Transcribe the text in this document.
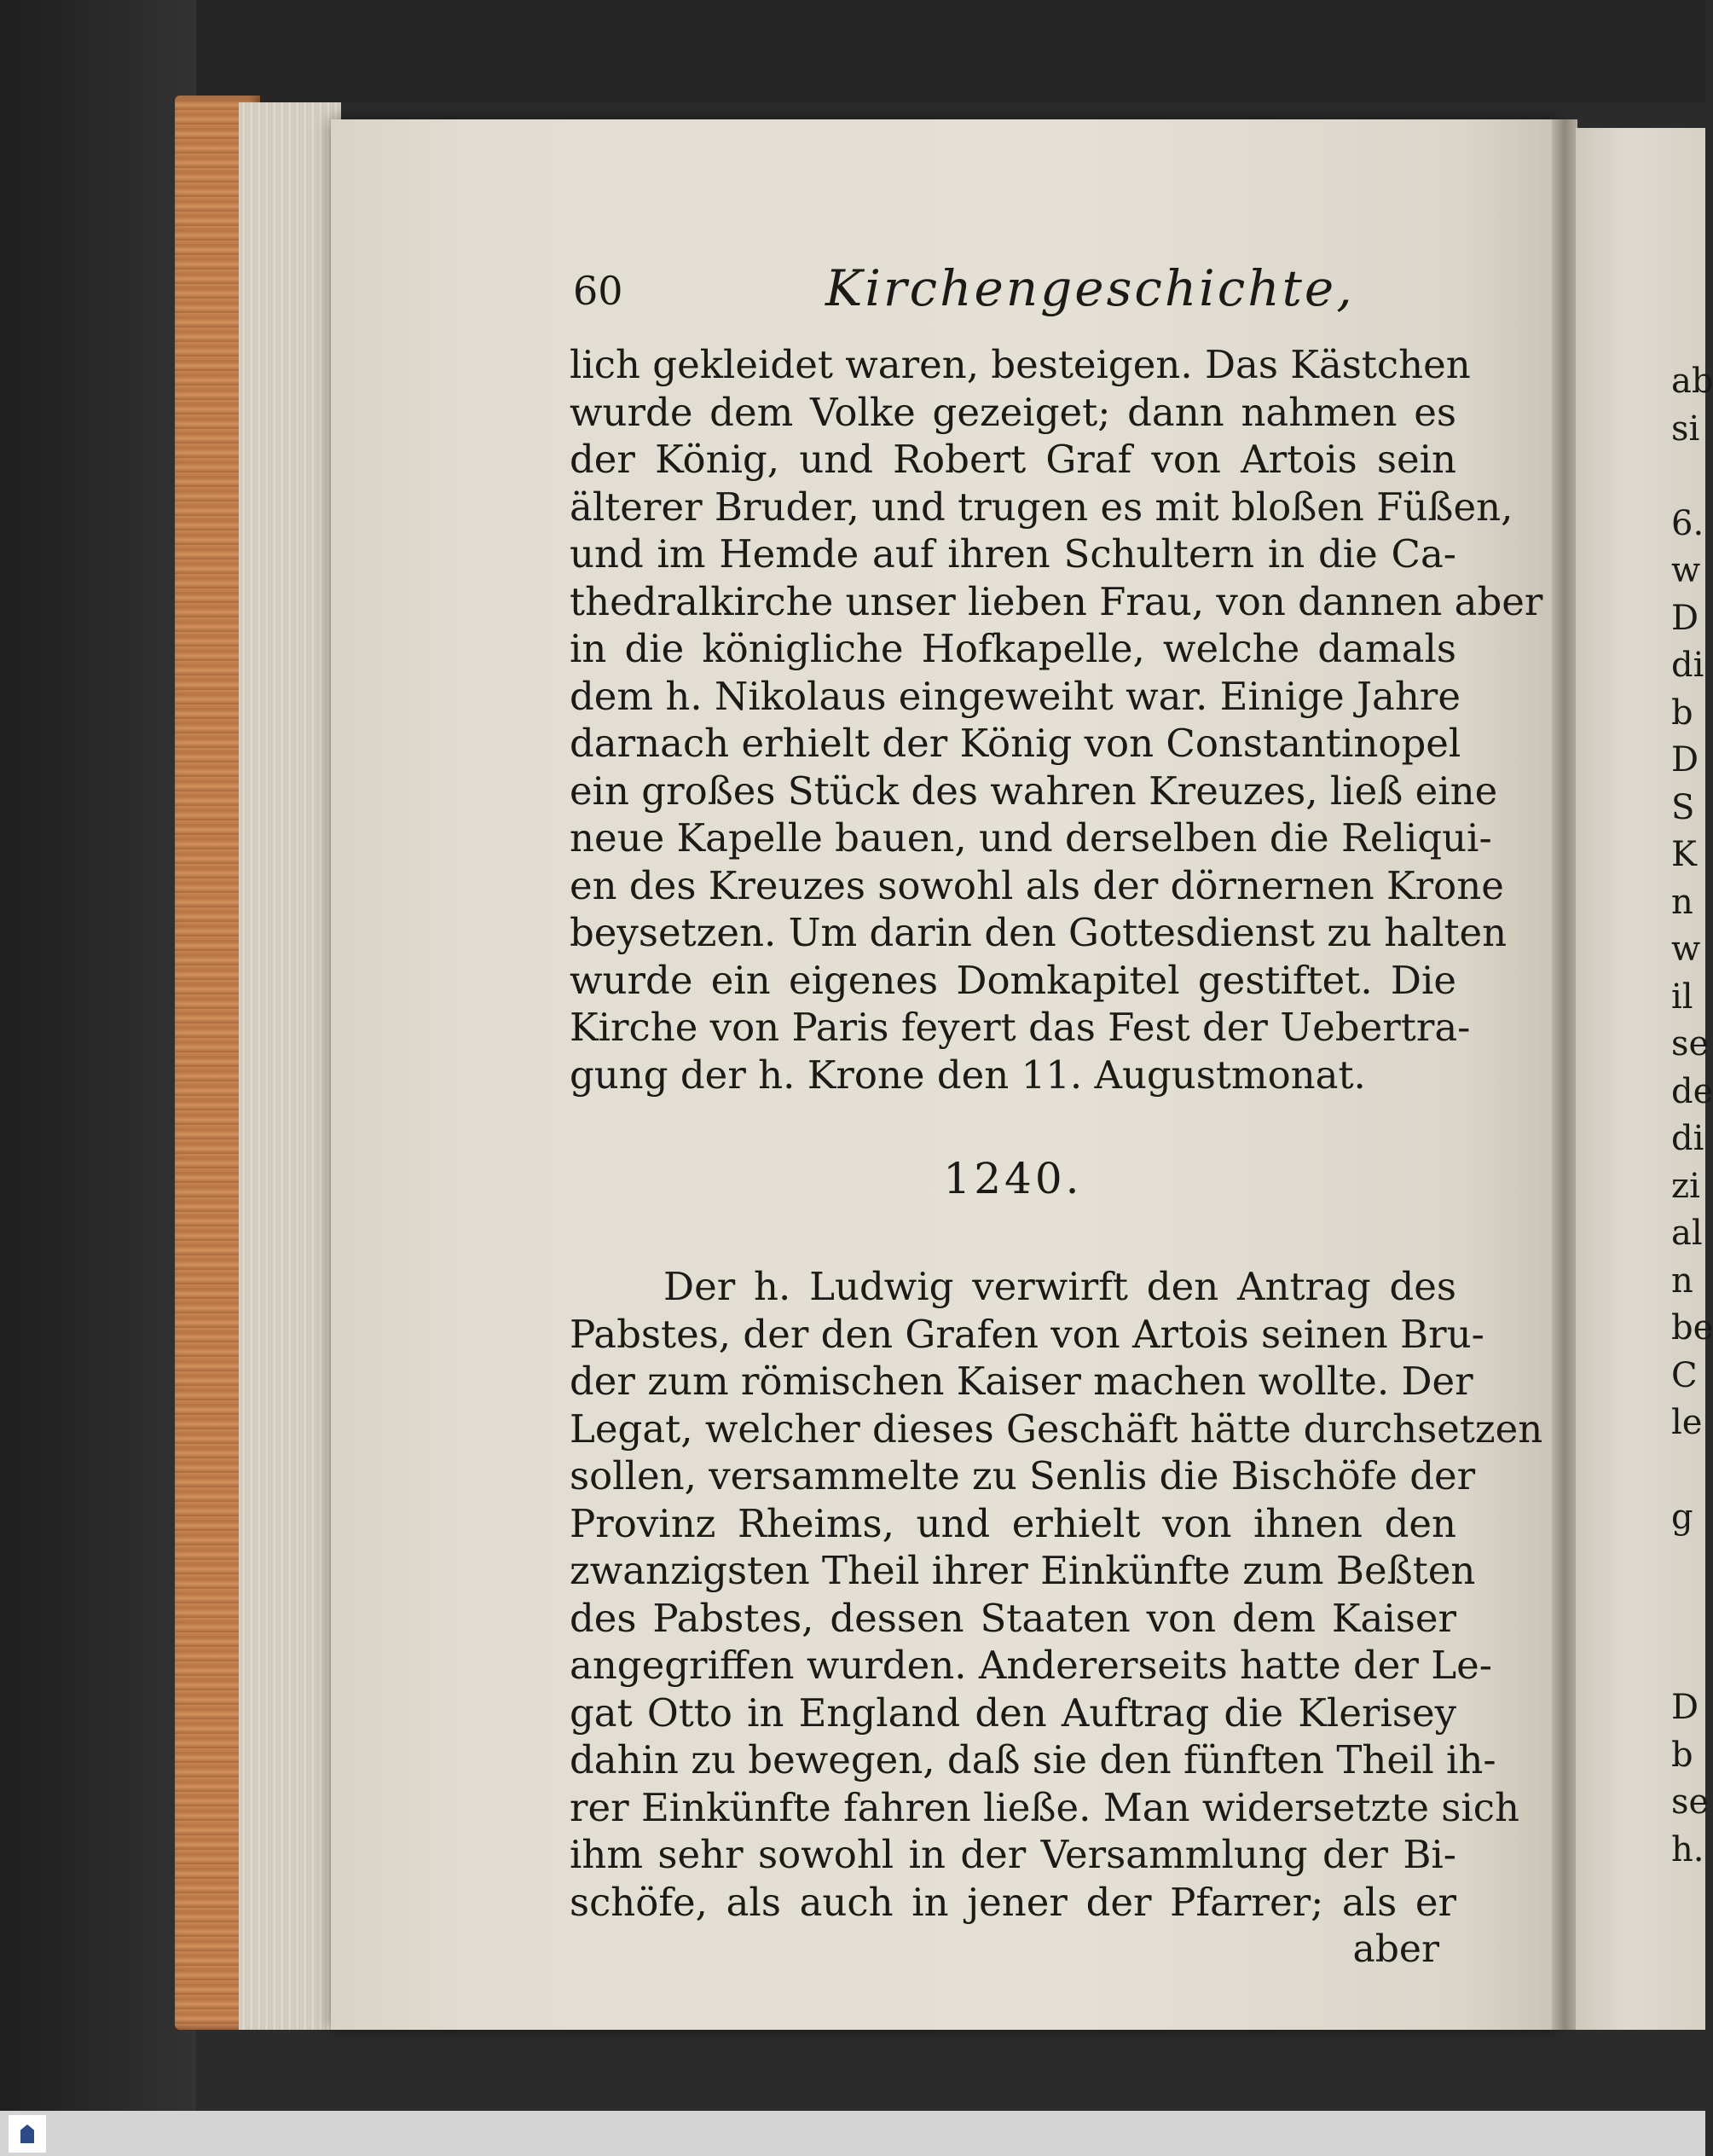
60	Kirchengeschichte,
lich gekleidet waren, besteigen. Das Kästchen
wurde dem Volke gezeiget; dann nahmen es
der König, und Robert Graf von Artois sein
älterer Bruder, und trugen es mit bloßen Füßen,
und im Hemde auf ihren Schultern in die Ca-
thedralkirche unser lieben Frau, von dannen aber
in die königliche Hofkapelle, welche damals
dem h. Nikolaus eingeweiht war. Einige Jahre
darnach erhielt der König von Constantinopel
ein großes Stück des wahren Kreuzes, ließ eine
neue Kapelle bauen, und derselben die Reliqui-
en des Kreuzes sowohl als der dörnernen Krone
beysetzen. Um darin den Gottesdienst zu halten
wurde ein eigenes Domkapitel gestiftet. Die
Kirche von Paris feyert das Fest der Uebertra-
gung der h. Krone den 11. Augustmonat.
1240.
Der h. Ludwig verwirft den Antrag des
Pabstes, der den Grafen von Artois seinen Bru-
der zum römischen Kaiser machen wollte. Der
Legat, welcher dieses Geschäft hätte durchsetzen
sollen, versammelte zu Senlis die Bischöfe der
Provinz Rheims, und erhielt von ihnen den
zwanzigsten Theil ihrer Einkünfte zum Beßten
des Pabstes, dessen Staaten von dem Kaiser
angegriffen wurden. Andererseits hatte der Le-
gat Otto in England den Auftrag die Klerisey
dahin zu bewegen, daß sie den fünften Theil ih-
rer Einkünfte fahren ließe. Man widersetzte sich
ihm sehr sowohl in der Versammlung der Bi-
schöfe, als auch in jener der Pfarrer; als er
aber
ab
si
6.
w
D
di
b
D
S
K
n
w
il
se
de
di
zi
al
n
be
C
le
g
D
b
se
h.
